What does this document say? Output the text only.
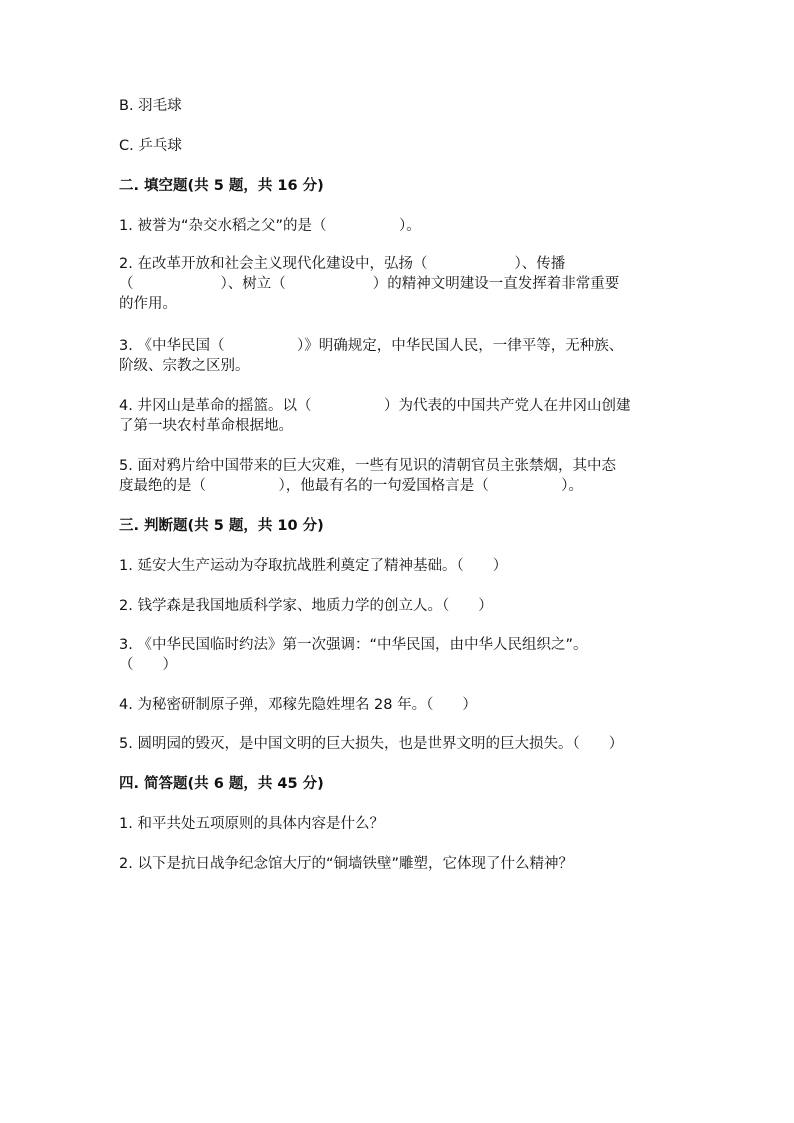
B. 羽毛球
C. 乒乓球
二. 填空题(共 5 题，共 16 分)
1. 被誉为“杂交水稻之父”的是（　　　　　）。
2. 在改革开放和社会主义现代化建设中，弘扬（　　　　　　）、传播
（　　　　　　）、树立（　　　　　　）的精神文明建设一直发挥着非常重要
的作用。
3. 《中华民国（　　　　　）》明确规定，中华民国人民，一律平等，无种族、
阶级、宗教之区别。
4. 井冈山是革命的摇篮。以（　　　　　）为代表的中国共产党人在井冈山创建
了第一块农村革命根据地。
5. 面对鸦片给中国带来的巨大灾难，一些有见识的清朝官员主张禁烟，其中态
度最绝的是（　　　　　），他最有名的一句爱国格言是（　　　　　）。
三. 判断题(共 5 题，共 10 分)
1. 延安大生产运动为夺取抗战胜利奠定了精神基础。（　　）
2. 钱学森是我国地质科学家、地质力学的创立人。（　　）
3. 《中华民国临时约法》第一次强调：“中华民国，由中华人民组织之”。
（　　）
4. 为秘密研制原子弹，邓稼先隐姓埋名 28 年。（　　）
5. 圆明园的毁灭，是中国文明的巨大损失，也是世界文明的巨大损失。（　　）
四. 简答题(共 6 题，共 45 分)
1. 和平共处五项原则的具体内容是什么？
2. 以下是抗日战争纪念馆大厅的“铜墙铁壁”雕塑，它体现了什么精神？
